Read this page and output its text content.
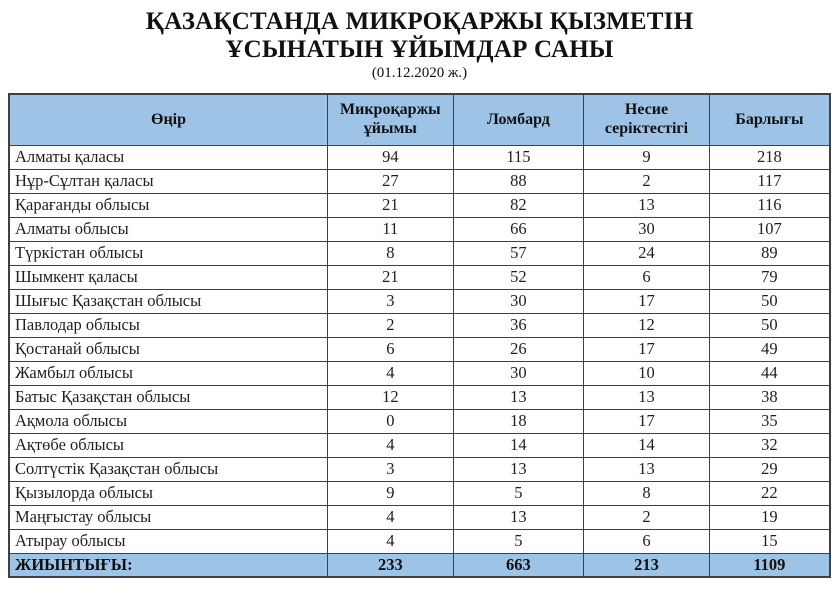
ҚАЗАҚСТАНДА МИКРОҚАРЖЫ ҚЫЗМЕТІН
ҰСЫНАТЫН ҰЙЫМДАР САНЫ
(01.12.2020 ж.)
Өңір	Микроқаржы ұйымы	Ломбард	Несие серіктестігі	Барлығы
Алматы қаласы	94	115	9	218
Нұр-Сұлтан қаласы	27	88	2	117
Қарағанды облысы	21	82	13	116
Алматы облысы	11	66	30	107
Түркістан облысы	8	57	24	89
Шымкент қаласы	21	52	6	79
Шығыс Қазақстан облысы	3	30	17	50
Павлодар облысы	2	36	12	50
Қостанай облысы	6	26	17	49
Жамбыл облысы	4	30	10	44
Батыс Қазақстан облысы	12	13	13	38
Ақмола облысы	0	18	17	35
Ақтөбе облысы	4	14	14	32
Солтүстік Қазақстан облысы	3	13	13	29
Қызылорда облысы	9	5	8	22
Маңғыстау облысы	4	13	2	19
Атырау облысы	4	5	6	15
ЖИЫНТЫҒЫ:	233	663	213	1109
